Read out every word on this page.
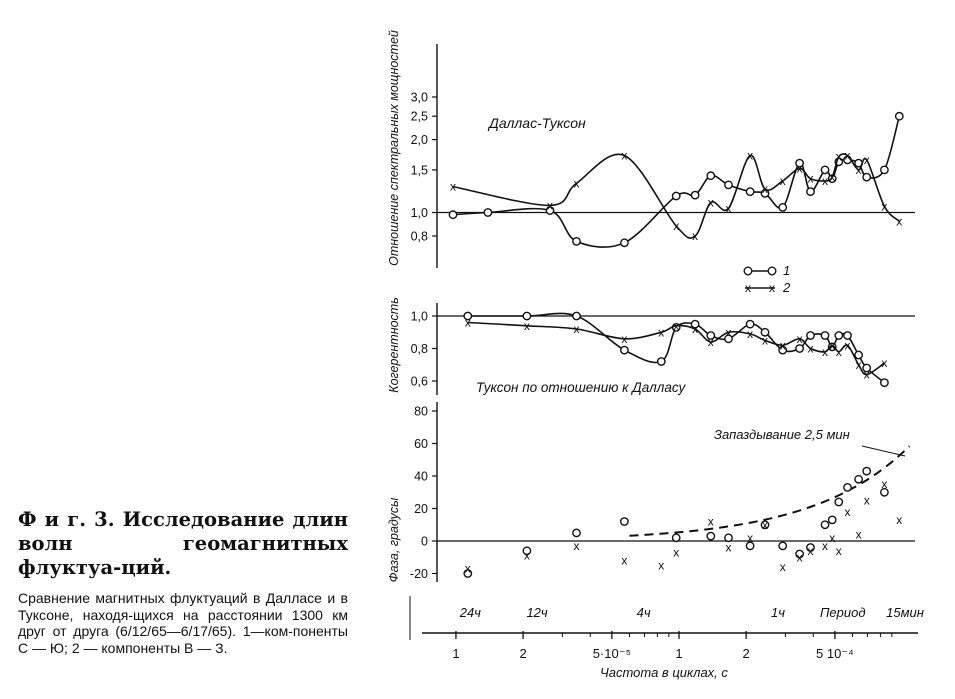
Ф и г. 3. Исследование длин волн геомагнитных флуктуа-ций.
Сравнение магнитных флуктуаций в Далласе и в Туксоне, находя-щихся на расстоянии 1300 км друг от друга (6/12/65—6/17/65). 1—ком-поненты С — Ю; 2 — компоненты В — З.
Отношение спектральных мощностей	Даллас-Туксон
0,8
1,0
1,5
2,0
2,5
3,0
x
x
x
x
x
x
x x
x
x
x
x
x x x
x x
x
x
x
x
Когерентность	Туксон по отношению к Далласу
0,6
0,8
1,0	x	x	x
x	x x x
x
x x x x x
x x x x x
x
x
x
Фаза, градусы
Запаздывание 2,5 мин
Период
Частота в циклах, с
-20
0
20
40
60
80
x
x
x
x	x
x
x
x
x
x
x
x x x
x
x
x
x
x
x
x
24ч	12ч	4ч	1ч	15мин
1	2	5·10⁻⁵	1	2	5 10⁻⁴
1
x x 2
